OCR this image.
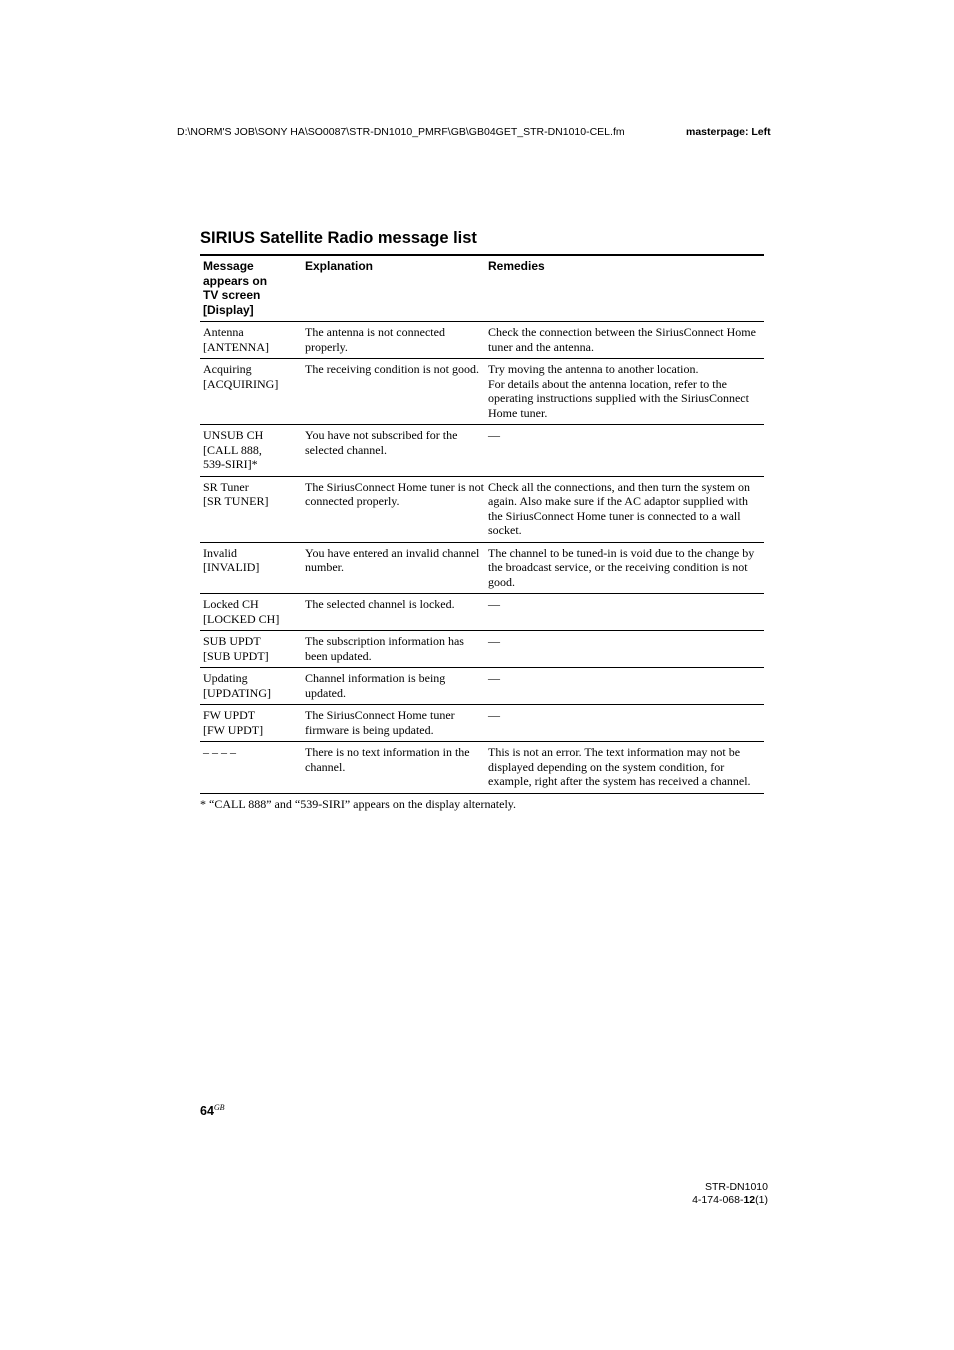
D:\NORM'S JOB\SONY HA\SO0087\STR-DN1010_PMRF\GB\GB04GET_STR-DN1010-CEL.fm	masterpage: Left
SIRIUS Satellite Radio message list
Message
appears on
TV screen
[Display]	Explanation	Remedies
Antenna
[ANTENNA]	The antenna is not connected properly.	Check the connection between the SiriusConnect Home tuner and the antenna.
Acquiring
[ACQUIRING]	The receiving condition is not good.	Try moving the antenna to another location.
For details about the antenna location, refer to the operating instructions supplied with the SiriusConnect Home tuner.
UNSUB CH
[CALL 888,
539-SIRI]*	You have not subscribed for the selected channel.	—
SR Tuner
[SR TUNER]	The SiriusConnect Home tuner is not connected properly.	Check all the connections, and then turn the system on again. Also make sure if the AC adaptor supplied with the SiriusConnect Home tuner is connected to a wall socket.
Invalid
[INVALID]	You have entered an invalid channel number.	The channel to be tuned-in is void due to the change by the broadcast service, or the receiving condition is not good.
Locked CH
[LOCKED CH]	The selected channel is locked.	—
SUB UPDT
[SUB UPDT]	The subscription information has been updated.	—
Updating
[UPDATING]	Channel information is being updated.	—
FW UPDT
[FW UPDT]	The SiriusConnect Home tuner firmware is being updated.	—
– – – –	There is no text information in the channel.	This is not an error. The text information may not be displayed depending on the system condition, for example, right after the system has received a channel.
* “CALL 888” and “539-SIRI” appears on the display alternately.
$64^{GB}$
STR-DN1010
4-174-068-12(1)
